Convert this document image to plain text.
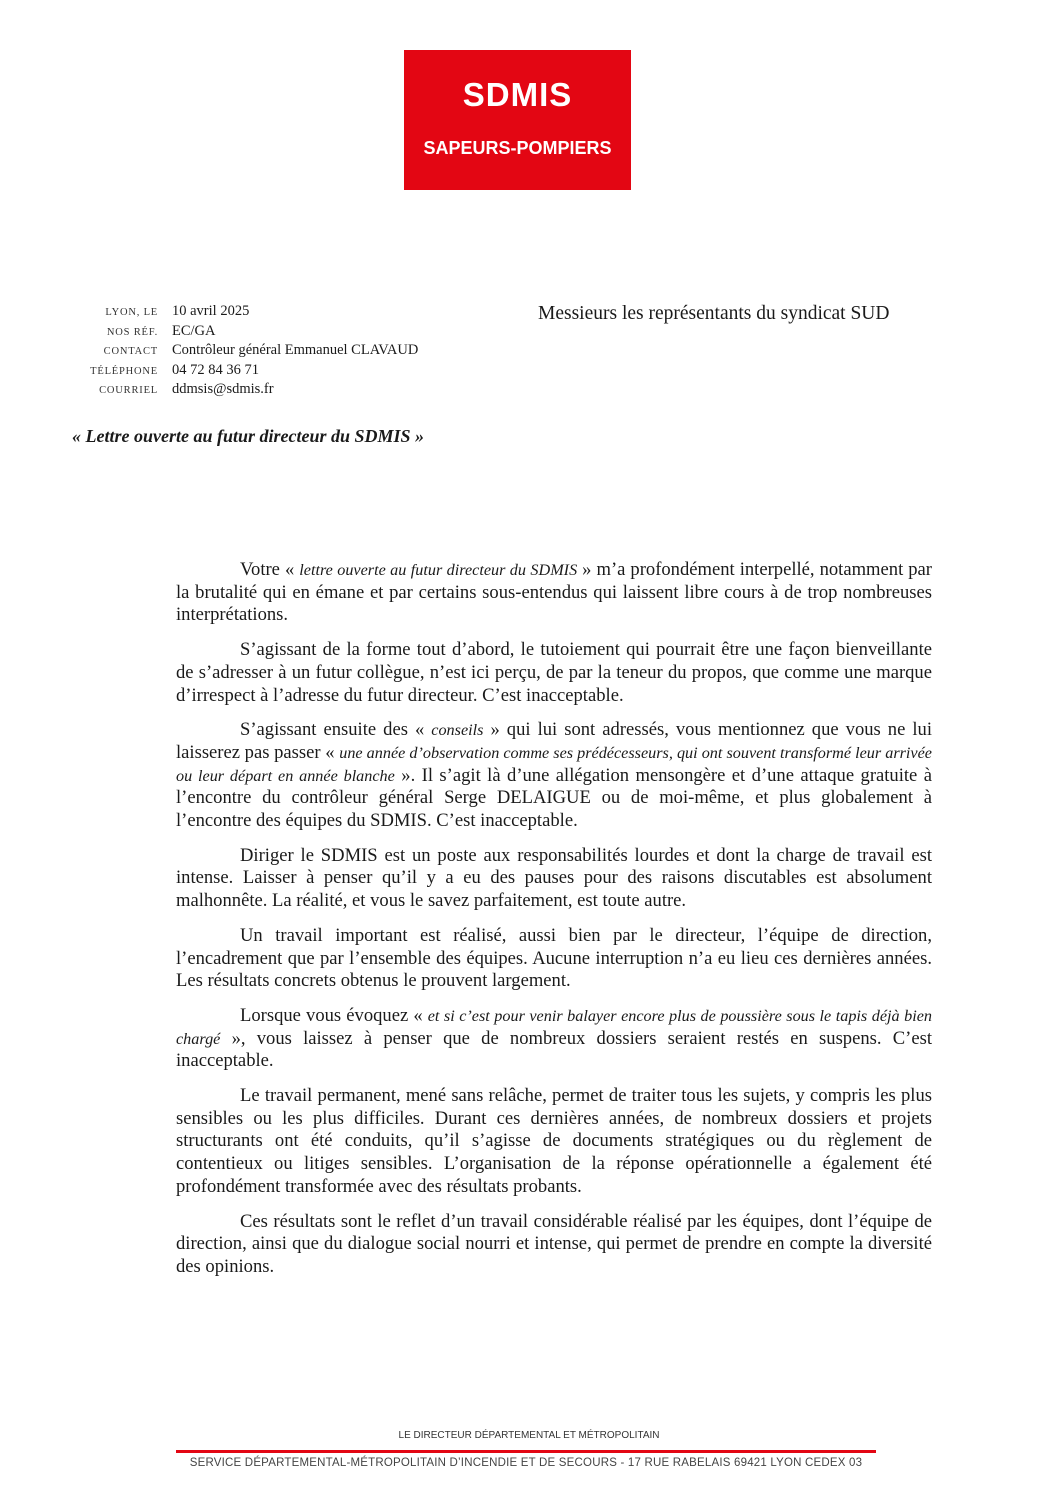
SDMIS
SAPEURS-POMPIERS
LYON, LE 10 avril 2025
NOS RÉF. EC/GA
CONTACT Contrôleur général Emmanuel CLAVAUD
TÉLÉPHONE 04 72 84 36 71
COURRIEL ddmsis@sdmis.fr
Messieurs les représentants du syndicat SUD
« Lettre ouverte au futur directeur du SDMIS »

Votre « lettre ouverte au futur directeur du SDMIS » m’a profondément interpellé, notamment par la brutalité qui en émane et par certains sous-entendus qui laissent libre cours à de trop nombreuses interprétations.

S’agissant de la forme tout d’abord, le tutoiement qui pourrait être une façon bienveillante de s’adresser à un futur collègue, n’est ici perçu, de par la teneur du propos, que comme une marque d’irrespect à l’adresse du futur directeur. C’est inacceptable.

S’agissant ensuite des « conseils » qui lui sont adressés, vous mentionnez que vous ne lui laisserez pas passer « une année d’observation comme ses prédécesseurs, qui ont souvent transformé leur arrivée ou leur départ en année blanche ». Il s’agit là d’une allégation mensongère et d’une attaque gratuite à l’encontre du contrôleur général Serge DELAIGUE ou de moi-même, et plus globalement à l’encontre des équipes du SDMIS. C’est inacceptable.

Diriger le SDMIS est un poste aux responsabilités lourdes et dont la charge de travail est intense. Laisser à penser qu’il y a eu des pauses pour des raisons discutables est absolument malhonnête. La réalité, et vous le savez parfaitement, est toute autre.

Un travail important est réalisé, aussi bien par le directeur, l’équipe de direction, l’encadrement que par l’ensemble des équipes. Aucune interruption n’a eu lieu ces dernières années. Les résultats concrets obtenus le prouvent largement.

Lorsque vous évoquez « et si c’est pour venir balayer encore plus de poussière sous le tapis déjà bien chargé », vous laissez à penser que de nombreux dossiers seraient restés en suspens. C’est inacceptable.

Le travail permanent, mené sans relâche, permet de traiter tous les sujets, y compris les plus sensibles ou les plus difficiles. Durant ces dernières années, de nombreux dossiers et projets structurants ont été conduits, qu’il s’agisse de documents stratégiques ou du règlement de contentieux ou litiges sensibles. L’organisation de la réponse opérationnelle a également été profondément transformée avec des résultats probants.

Ces résultats sont le reflet d’un travail considérable réalisé par les équipes, dont l’équipe de direction, ainsi que du dialogue social nourri et intense, qui permet de prendre en compte la diversité des opinions.

LE DIRECTEUR DÉPARTEMENTAL ET MÉTROPOLITAIN
SERVICE DÉPARTEMENTAL-MÉTROPOLITAIN D’INCENDIE ET DE SECOURS - 17 RUE RABELAIS 69421 LYON CEDEX 03
